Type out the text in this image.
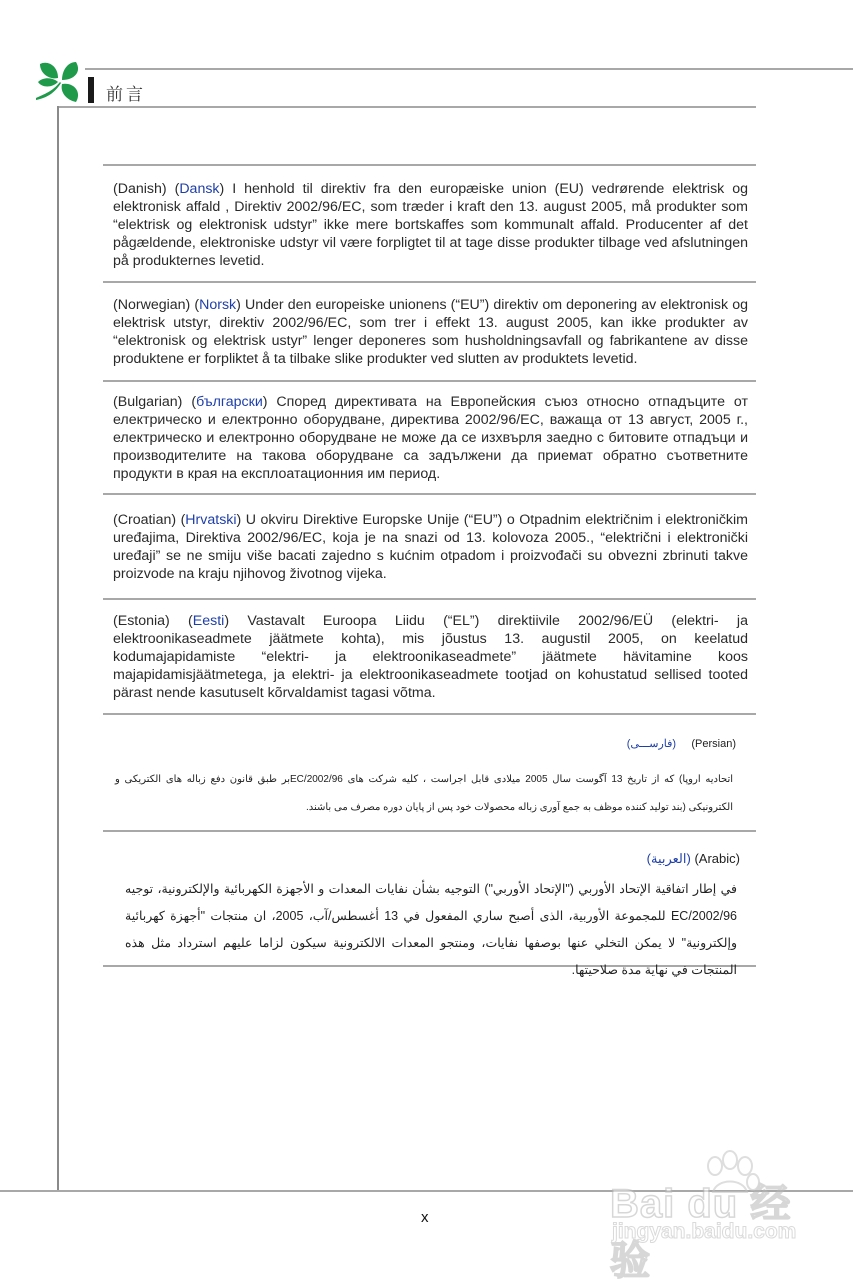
前言
(Danish) (Dansk) I henhold til direktiv fra den europæiske union (EU) vedrørende elektrisk og elektronisk affald , Direktiv 2002/96/EC, som træder i kraft den 13. august 2005, må produkter som “elektrisk og elektronisk udstyr” ikke mere bortskaffes som kommunalt affald. Producenter af det pågældende, elektroniske udstyr vil være forpligtet til at tage disse produkter tilbage ved afslutningen på produkternes levetid.
(Norwegian) (Norsk) Under den europeiske unionens (“EU”) direktiv om deponering av elektronisk og elektrisk utstyr, direktiv 2002/96/EC, som trer i effekt 13. august 2005, kan ikke produkter av “elektronisk og elektrisk ustyr” lenger deponeres som husholdningsavfall og fabrikantene av disse produktene er forpliktet å ta tilbake slike produkter ved slutten av produktets levetid.
(Bulgarian) (български) Според директивата на Европейския съюз относно отпадъците от електрическо и електронно оборудване, директива 2002/96/EC, важаща от 13 август, 2005 г., електрическо и електронно оборудване не може да се изхвърля заедно с битовите отпадъци и производителите на такова оборудване са задължени да приемат обратно съответните продукти в края на експлоатационния им период.
(Croatian) (Hrvatski) U okviru Direktive Europske Unije (“EU”) o Otpadnim električnim i elektroničkim uređajima, Direktiva 2002/96/EC, koja je na snazi od 13. kolovoza 2005., “električni i elektronički uređaji” se ne smiju više bacati zajedno s kućnim otpadom i proizvođači su obvezni zbrinuti takve proizvode na kraju njihovog životnog vijeka.
(Estonia) (Eesti) Vastavalt Euroopa Liidu (“EL”) direktiivile 2002/96/EÜ (elektri- ja elektroonikaseadmete jäätmete kohta), mis jõustus 13. augustil 2005, on keelatud kodumajapidamiste “elektri- ja elektroonikaseadmete” jäätmete hävitamine koos majapidamisjäätmetega, ja elektri- ja elektroonikaseadmete tootjad on kohustatud sellised tooted pärast nende kasutuselt kõrvaldamist tagasi võtma.
(Persian)     (فارســـی)
اتحادیه اروپا) که از تاریخ 13 آگوست سال 2005 میلادی قابل اجراست ، کلیه شرکت های 2002/96/ECبر طبق قانون دفع زباله های الکتریکی و الکترونیکی (بند تولید کننده موظف به جمع آوری زباله محصولات خود پس از پایان دوره مصرف می باشند.
(Arabic) (العربية)
في إطار اتفاقية الإتحاد الأوربي ("الإتحاد الأوربي") التوجيه بشأن نفايات المعدات و الأجهزة الكهربائية والإلكترونية، توجيه 2002/96/EC للمجموعة الأوربية، الذى أصبح ساري المفعول في 13 أغسطس/آب، 2005، ان منتجات "أجهزة كهربائية وإلكترونية" لا يمكن التخلي عنها بوصفها نفايات، ومنتجو المعدات الالكترونية سيكون لزاما عليهم استرداد مثل هذه المنتجات في نهاية مدة صلاحيتها.
x	Bai du 经验
jingyan.baidu.com
